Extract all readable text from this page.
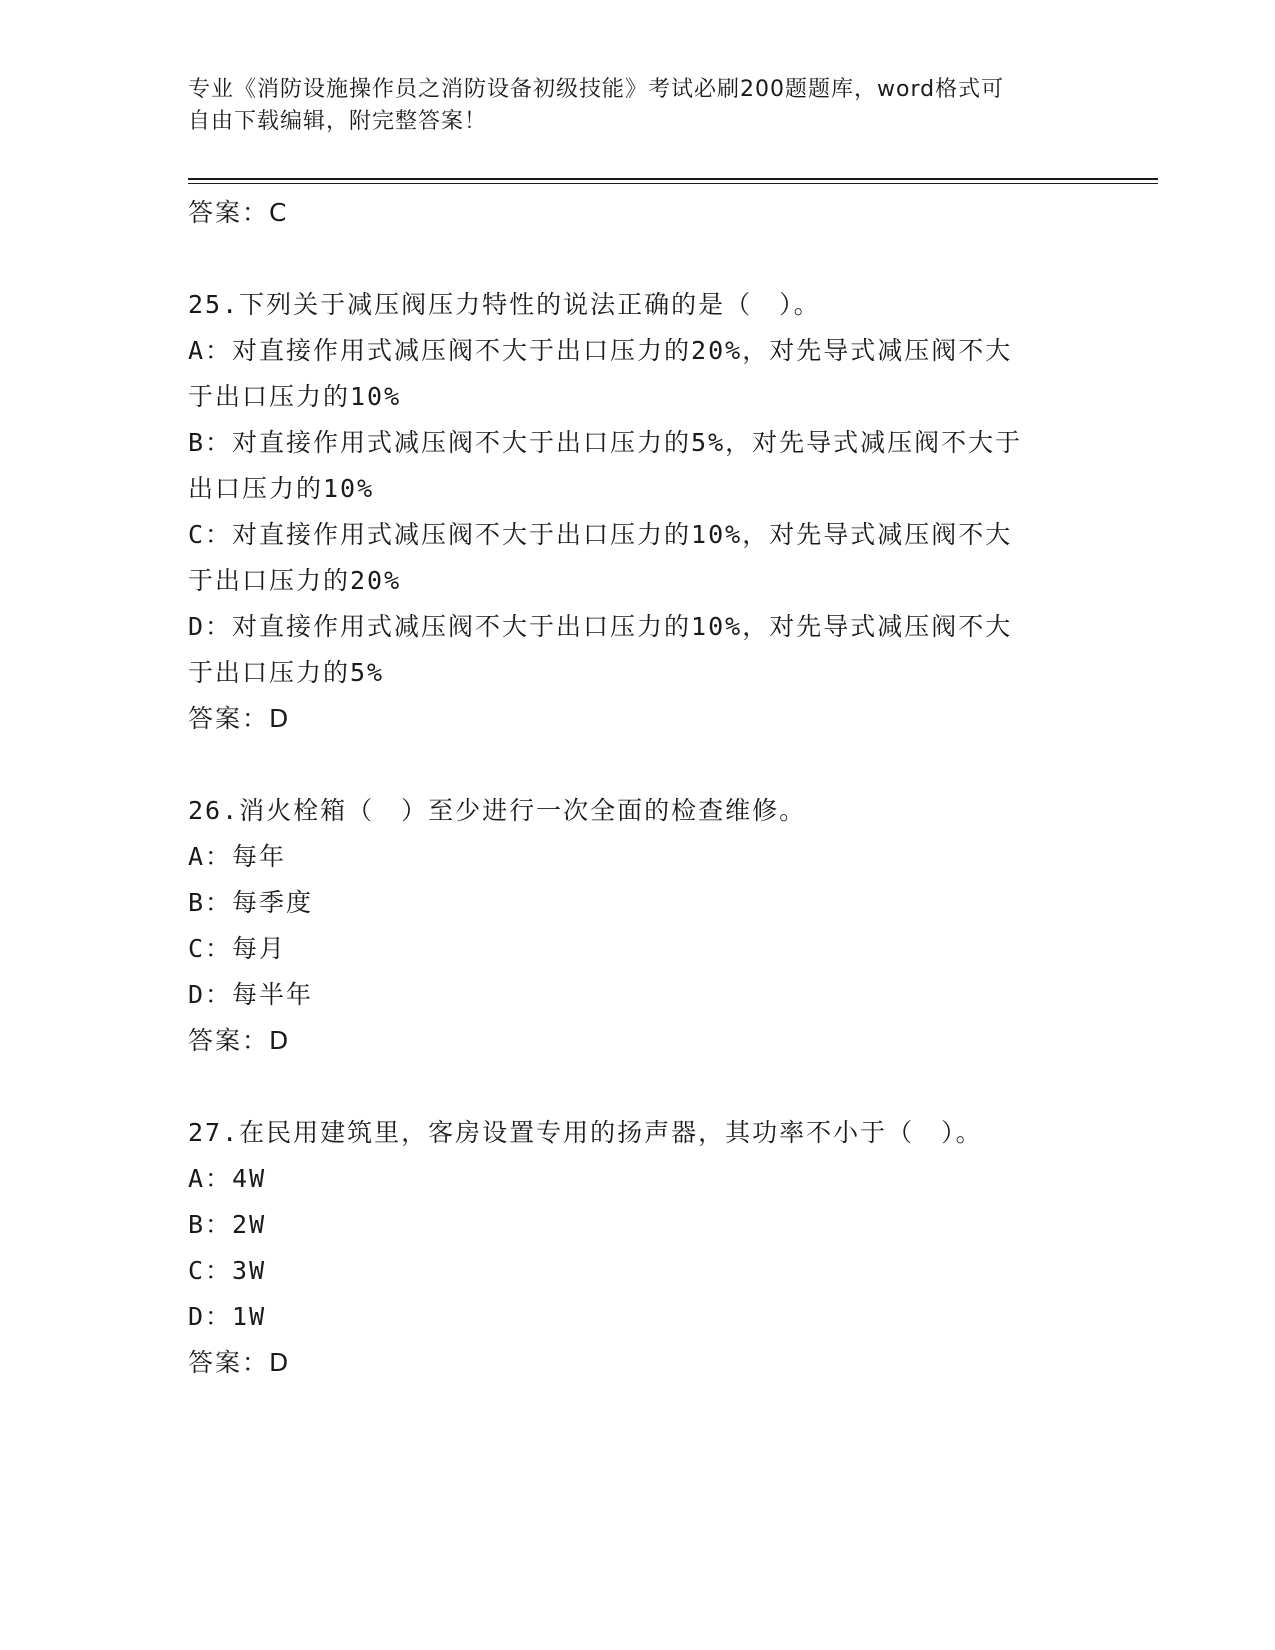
专业《消防设施操作员之消防设备初级技能》考试必刷200题题库，word格式可
自由下载编辑，附完整答案！
答案：C
25.下列关于减压阀压力特性的说法正确的是（　）。
A：对直接作用式减压阀不大于出口压力的20%，对先导式减压阀不大
于出口压力的10%
B：对直接作用式减压阀不大于出口压力的5%，对先导式减压阀不大于
出口压力的10%
C：对直接作用式减压阀不大于出口压力的10%，对先导式减压阀不大
于出口压力的20%
D：对直接作用式减压阀不大于出口压力的10%，对先导式减压阀不大
于出口压力的5%
答案：D
26.消火栓箱（　）至少进行一次全面的检查维修。
A：每年
B：每季度
C：每月
D：每半年
答案：D
27.在民用建筑里，客房设置专用的扬声器，其功率不小于（　）。
A：4W
B：2W
C：3W
D：1W
答案：D
